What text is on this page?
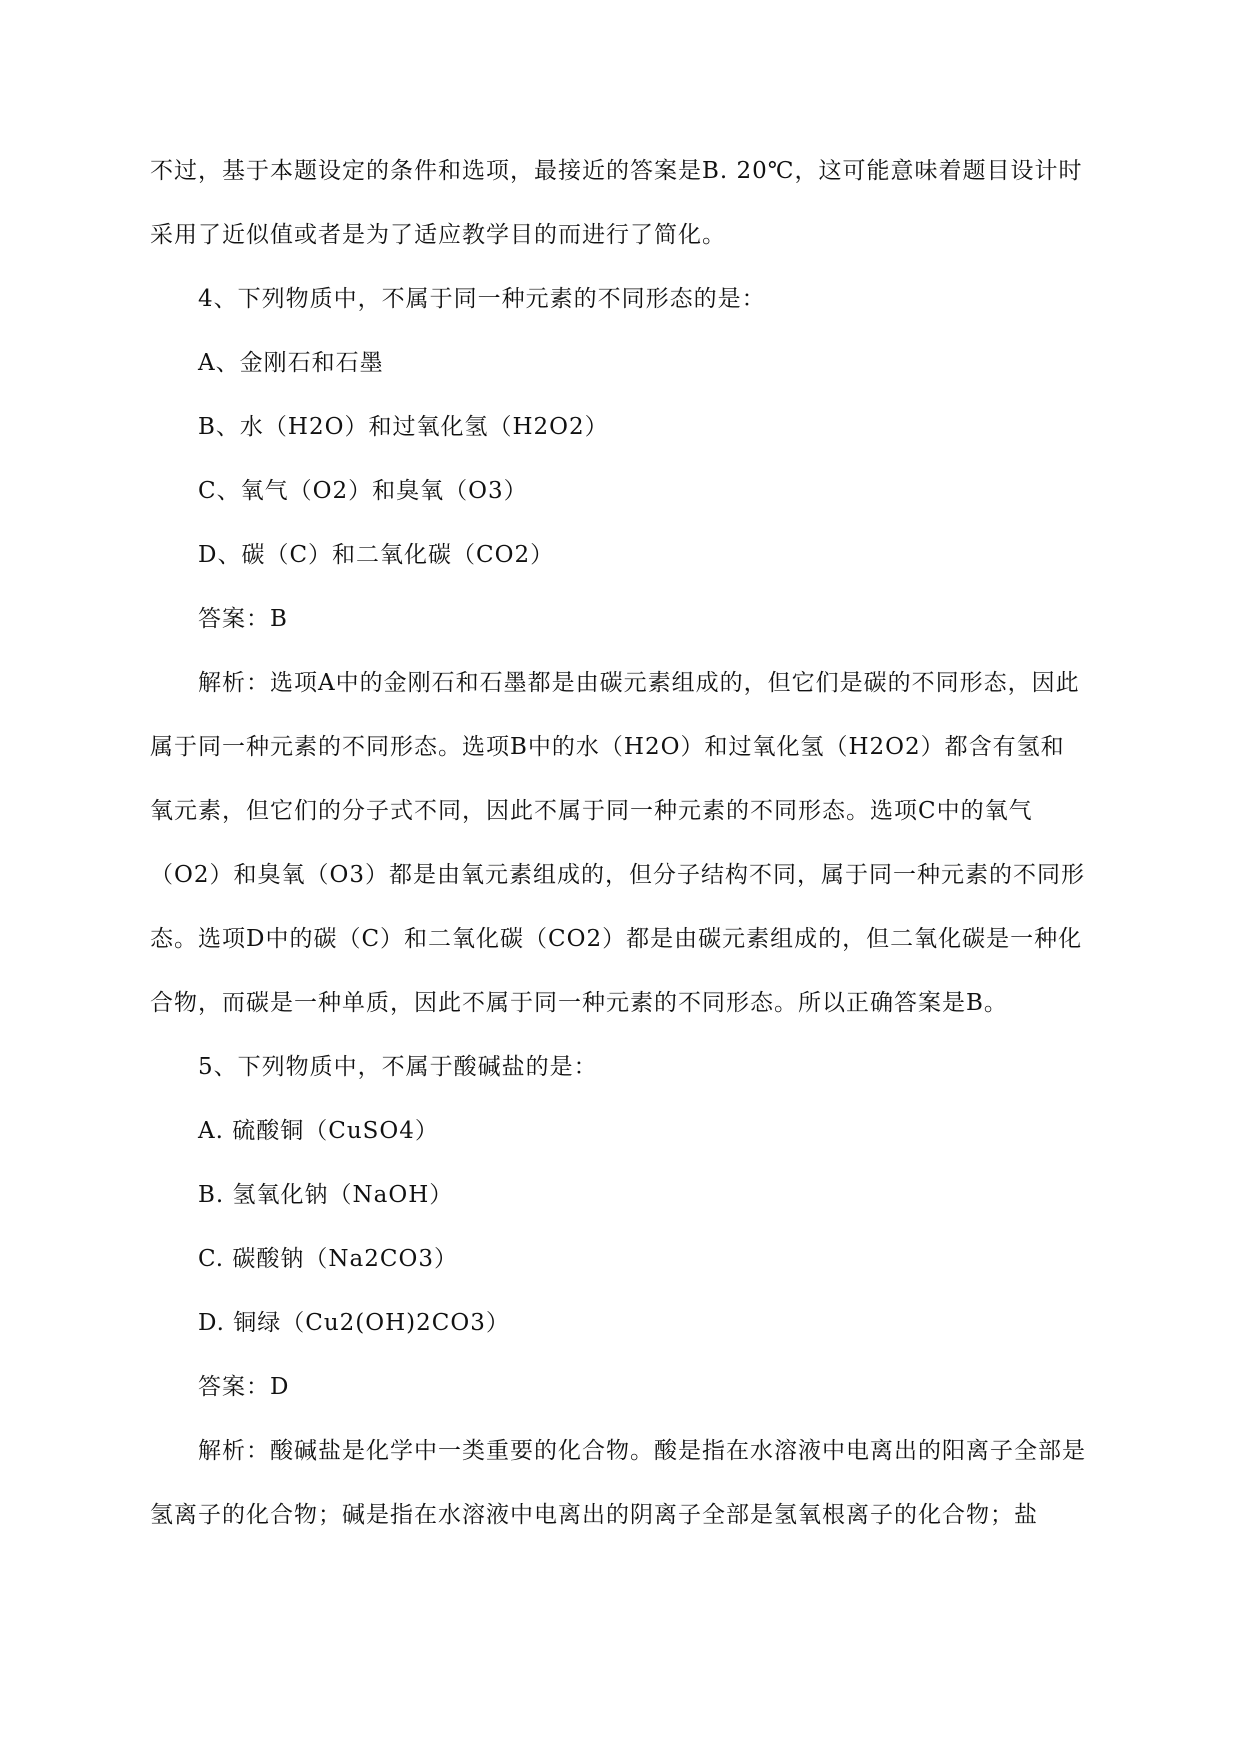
不过，基于本题设定的条件和选项，最接近的答案是B. 20℃，这可能意味着题目设计时采用了近似值或者是为了适应教学目的而进行了简化。

4、下列物质中，不属于同一种元素的不同形态的是：

A、金刚石和石墨

B、水（H2O）和过氧化氢（H2O2）

C、氧气（O2）和臭氧（O3）

D、碳（C）和二氧化碳（CO2）

答案：B

解析：选项A中的金刚石和石墨都是由碳元素组成的，但它们是碳的不同形态，因此属于同一种元素的不同形态。选项B中的水（H2O）和过氧化氢（H2O2）都含有氢和氧元素，但它们的分子式不同，因此不属于同一种元素的不同形态。选项C中的氧气（O2）和臭氧（O3）都是由氧元素组成的，但分子结构不同，属于同一种元素的不同形态。选项D中的碳（C）和二氧化碳（CO2）都是由碳元素组成的，但二氧化碳是一种化合物，而碳是一种单质，因此不属于同一种元素的不同形态。所以正确答案是B。

5、下列物质中，不属于酸碱盐的是：

A. 硫酸铜（CuSO4）

B. 氢氧化钠（NaOH）

C. 碳酸钠（Na2CO3）

D. 铜绿（Cu2(OH)2CO3）

答案：D

解析：酸碱盐是化学中一类重要的化合物。酸是指在水溶液中电离出的阳离子全部是氢离子的化合物；碱是指在水溶液中电离出的阴离子全部是氢氧根离子的化合物；盐
